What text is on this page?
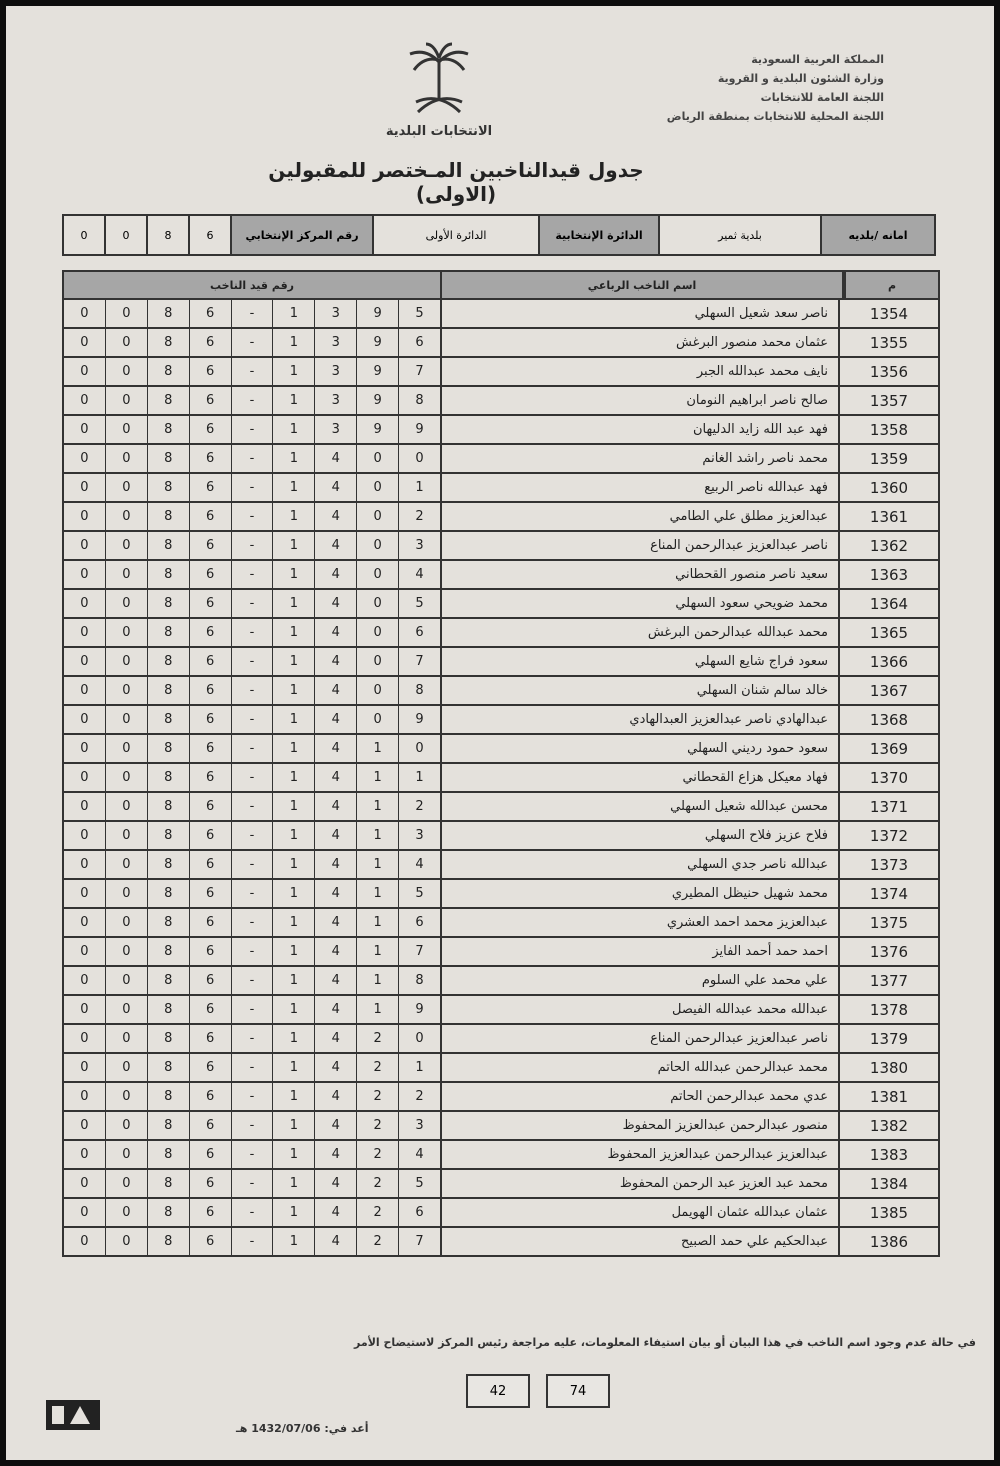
الانتخابات البلدية
المملكة العربية السعودية
وزارة الشئون البلدية و القروية
اللجنة العامة للانتخابات
اللجنة المحلية للانتخابات بمنطقة الرياض
جدول قيدالناخبين المـختصر للمقبولين (الاولى)
0	0	8	6	رقم المركز الإنتخابي	الدائرة الأولى	الدائرة الإنتخابية	بلدية ثمير	امانه /بلديه
رقم قيد الناخب	اسم الناخب الرباعي	م
0	0	8	6	-	1	3	9	5	ناصر سعد شعيل السهلي	1354
0	0	8	6	-	1	3	9	6	عثمان محمد منصور البرغش	1355
0	0	8	6	-	1	3	9	7	نايف محمد عبدالله الجبر	1356
0	0	8	6	-	1	3	9	8	صالح ناصر ابراهيم النومان	1357
0	0	8	6	-	1	3	9	9	فهد عبد الله زايد الدليهان	1358
0	0	8	6	-	1	4	0	0	محمد ناصر راشد الغانم	1359
0	0	8	6	-	1	4	0	1	فهد عبدالله ناصر الربيع	1360
0	0	8	6	-	1	4	0	2	عبدالعزيز مطلق علي الطامي	1361
0	0	8	6	-	1	4	0	3	ناصر عبدالعزيز عبدالرحمن المناع	1362
0	0	8	6	-	1	4	0	4	سعيد ناصر منصور القحطاني	1363
0	0	8	6	-	1	4	0	5	محمد ضويحي سعود السهلي	1364
0	0	8	6	-	1	4	0	6	محمد عبدالله عبدالرحمن البرغش	1365
0	0	8	6	-	1	4	0	7	سعود فراج شايع السهلي	1366
0	0	8	6	-	1	4	0	8	خالد سالم شنان السهلي	1367
0	0	8	6	-	1	4	0	9	عبدالهادي ناصر عبدالعزيز العبدالهادي	1368
0	0	8	6	-	1	4	1	0	سعود حمود رديني السهلي	1369
0	0	8	6	-	1	4	1	1	فهاد معيكل هزاع القحطاني	1370
0	0	8	6	-	1	4	1	2	محسن عبدالله شعيل السهلي	1371
0	0	8	6	-	1	4	1	3	فلاح عزيز فلاح السهلي	1372
0	0	8	6	-	1	4	1	4	عبدالله ناصر جدي السهلي	1373
0	0	8	6	-	1	4	1	5	محمد شهيل حنيظل المطيري	1374
0	0	8	6	-	1	4	1	6	عبدالعزيز محمد احمد العشري	1375
0	0	8	6	-	1	4	1	7	احمد حمد أحمد الفايز	1376
0	0	8	6	-	1	4	1	8	علي محمد علي السلوم	1377
0	0	8	6	-	1	4	1	9	عبدالله محمد عبدالله الفيصل	1378
0	0	8	6	-	1	4	2	0	ناصر عبدالعزيز عبدالرحمن المناع	1379
0	0	8	6	-	1	4	2	1	محمد عبدالرحمن عبدالله الحاتم	1380
0	0	8	6	-	1	4	2	2	عدي محمد عبدالرحمن الحاتم	1381
0	0	8	6	-	1	4	2	3	منصور عبدالرحمن عبدالعزيز المحفوظ	1382
0	0	8	6	-	1	4	2	4	عبدالعزيز عبدالرحمن عبدالعزيز المحفوظ	1383
0	0	8	6	-	1	4	2	5	محمد عبد العزيز عبد الرحمن المحفوظ	1384
0	0	8	6	-	1	4	2	6	عثمان عبدالله عثمان الهويمل	1385
0	0	8	6	-	1	4	2	7	عبدالحكيم علي حمد الصبيح	1386
في حالة عدم وجود اسم الناخب في هذا البيان أو بيان استيفاء المعلومات، عليه مراجعة رئيس المركز لاستيضاح الأمر
42	74
أعد في: 1432/07/06 هـ
